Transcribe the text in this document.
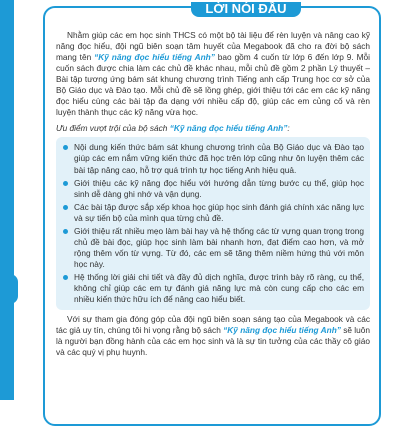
LỜI NÓI ĐẦU

Nhằm giúp các em học sinh THCS có một bộ tài liệu để rèn luyện và nâng cao kỹ năng đọc hiểu, đội ngũ biên soạn tâm huyết của Megabook đã cho ra đời bộ sách mang tên “Kỹ năng đọc hiểu tiếng Anh” bao gồm 4 cuốn từ lớp 6 đến lớp 9. Mỗi cuốn sách được chia làm các chủ đề khác nhau, mỗi chủ đề gồm 2 phần Lý thuyết – Bài tập tương ứng bám sát khung chương trình Tiếng anh cấp Trung học cơ sở của Bộ Giáo dục và Đào tạo. Mỗi chủ đề sẽ lồng ghép, giới thiệu tới các em các kỹ năng đọc hiểu cùng các bài tập đa dạng với nhiều cấp độ, giúp các em củng cố và rèn luyện thành thục các kỹ năng vừa học.

Ưu điểm vượt trội của bộ sách “Kỹ năng đọc hiểu tiếng Anh”:
Nội dung kiến thức bám sát khung chương trình của Bộ Giáo dục và Đào tạo giúp các em nắm vững kiến thức đã học trên lớp cũng như ôn luyện thêm các bài tập nâng cao, hỗ trợ quá trình tự học tiếng Anh hiệu quả.
Giới thiệu các kỹ năng đọc hiểu với hướng dẫn từng bước cụ thể, giúp học sinh dễ dàng ghi nhớ và vận dụng.
Các bài tập được sắp xếp khoa học giúp học sinh đánh giá chính xác năng lực và sự tiến bộ của mình qua từng chủ đề.
Giới thiệu rất nhiều mẹo làm bài hay và hệ thống các từ vựng quan trọng trong chủ đề bài đọc, giúp học sinh làm bài nhanh hơn, đạt điểm cao hơn, và mở rộng thêm vốn từ vựng. Từ đó, các em sẽ tăng thêm niềm hứng thú với môn học này.
Hệ thống lời giải chi tiết và đầy đủ dịch nghĩa, được trình bày rõ ràng, cụ thể, không chỉ giúp các em tự đánh giá năng lực mà còn cung cấp cho các em nhiều kiến thức hữu ích để nâng cao hiểu biết.

Với sự tham gia đóng góp của đội ngũ biên soạn sáng tạo của Megabook và các tác giả uy tín, chúng tôi hi vọng rằng bộ sách “Kỹ năng đọc hiểu tiếng Anh” sẽ luôn là người bạn đồng hành của các em học sinh và là sự tin tưởng của các thầy cô giáo và các quý vị phụ huynh.
